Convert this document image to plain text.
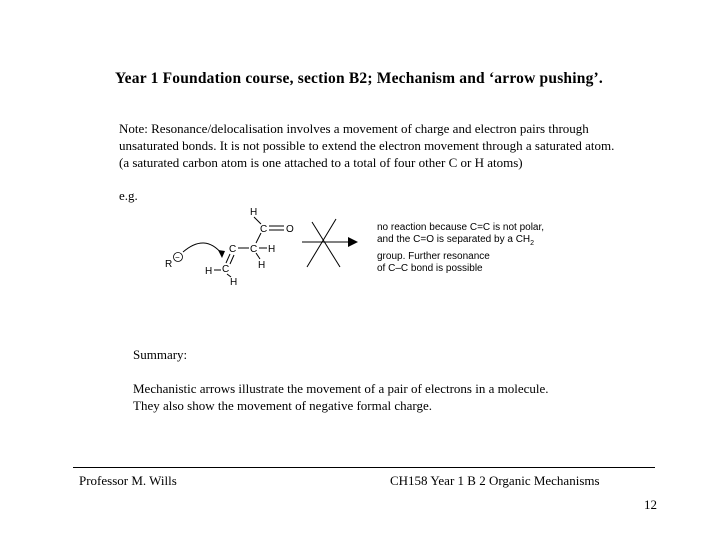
Year 1 Foundation course, section B2; Mechanism and ‘arrow pushing’.
Note: Resonance/delocalisation involves a movement of charge and electron pairs through
unsaturated bonds. It is not possible to extend the electron movement through a saturated atom.
(a saturated carbon atom is one attached to a total of four other C or H atoms)
e.g.
R
−
H
C O
C C H
H
H C
H
no reaction because C=C is not polar,
and the C=O is separated by a $CH_2$
group. Further resonance
of C–C bond is possible
Summary:
Mechanistic arrows illustrate the movement of a pair of electrons in a molecule.
They also show the movement of negative formal charge.
Professor M. Wills	CH158 Year 1 B 2 Organic Mechanisms
12
